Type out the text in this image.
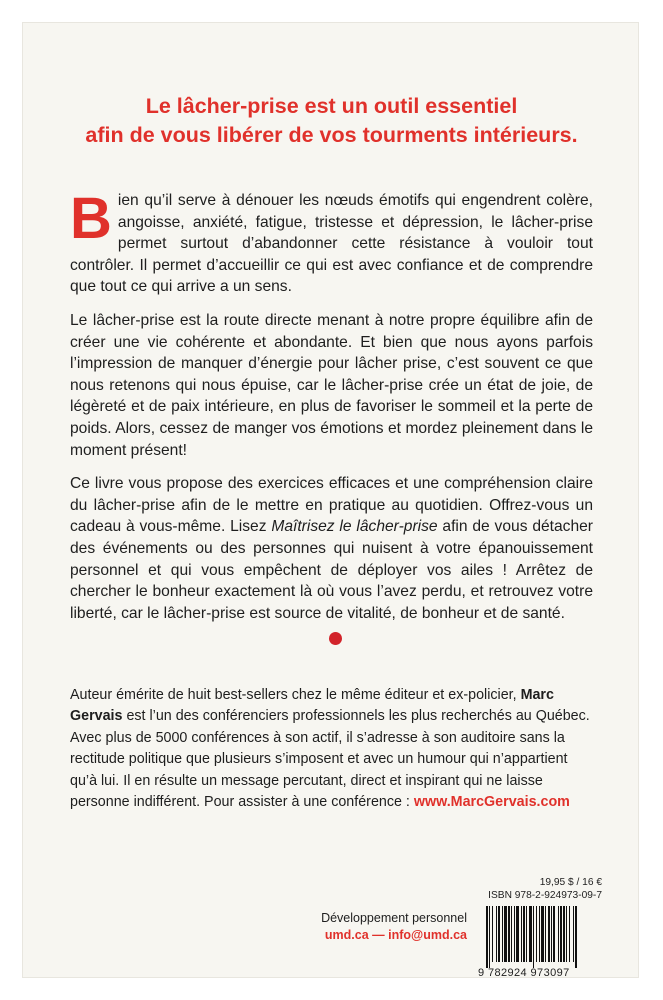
Le lâcher-prise est un outil essentiel
afin de vous libérer de vos tourments intérieurs.

Bien qu’il serve à dénouer les nœuds émotifs qui engendrent colère, angoisse, anxiété, fatigue, tristesse et dépression, le lâcher-prise permet surtout d’abandonner cette résistance à vouloir tout contrôler. Il permet d’accueillir ce qui est avec confiance et de comprendre que tout ce qui arrive a un sens.

Le lâcher-prise est la route directe menant à notre propre équilibre afin de créer une vie cohérente et abondante. Et bien que nous ayons parfois l’impression de manquer d’énergie pour lâcher prise, c’est souvent ce que nous retenons qui nous épuise, car le lâcher-prise crée un état de joie, de légèreté et de paix intérieure, en plus de favoriser le sommeil et la perte de poids. Alors, cessez de manger vos émotions et mordez pleinement dans le moment présent!

Ce livre vous propose des exercices efficaces et une compréhension claire du lâcher-prise afin de le mettre en pratique au quotidien. Offrez-vous un cadeau à vous-même. Lisez Maîtrisez le lâcher-prise afin de vous détacher des événements ou des personnes qui nuisent à votre épanouissement personnel et qui vous empêchent de déployer vos ailes ! Arrêtez de chercher le bonheur exactement là où vous l’avez perdu, et retrouvez votre liberté, car le lâcher-prise est source de vitalité, de bonheur et de santé.

Auteur émérite de huit best-sellers chez le même éditeur et ex-policier, Marc Gervais est l’un des conférenciers professionnels les plus recherchés au Québec. Avec plus de 5000 conférences à son actif, il s’adresse à son auditoire sans la rectitude politique que plusieurs s’imposent et avec un humour qui n’appartient qu’à lui. Il en résulte un message percutant, direct et inspirant qui ne laisse personne indifférent. Pour assister à une conférence : www.MarcGervais.com

Développement personnel
umd.ca — info@umd.ca
19,95 $ / 16 €
ISBN 978-2-924973-09-7
9 782924 973097
